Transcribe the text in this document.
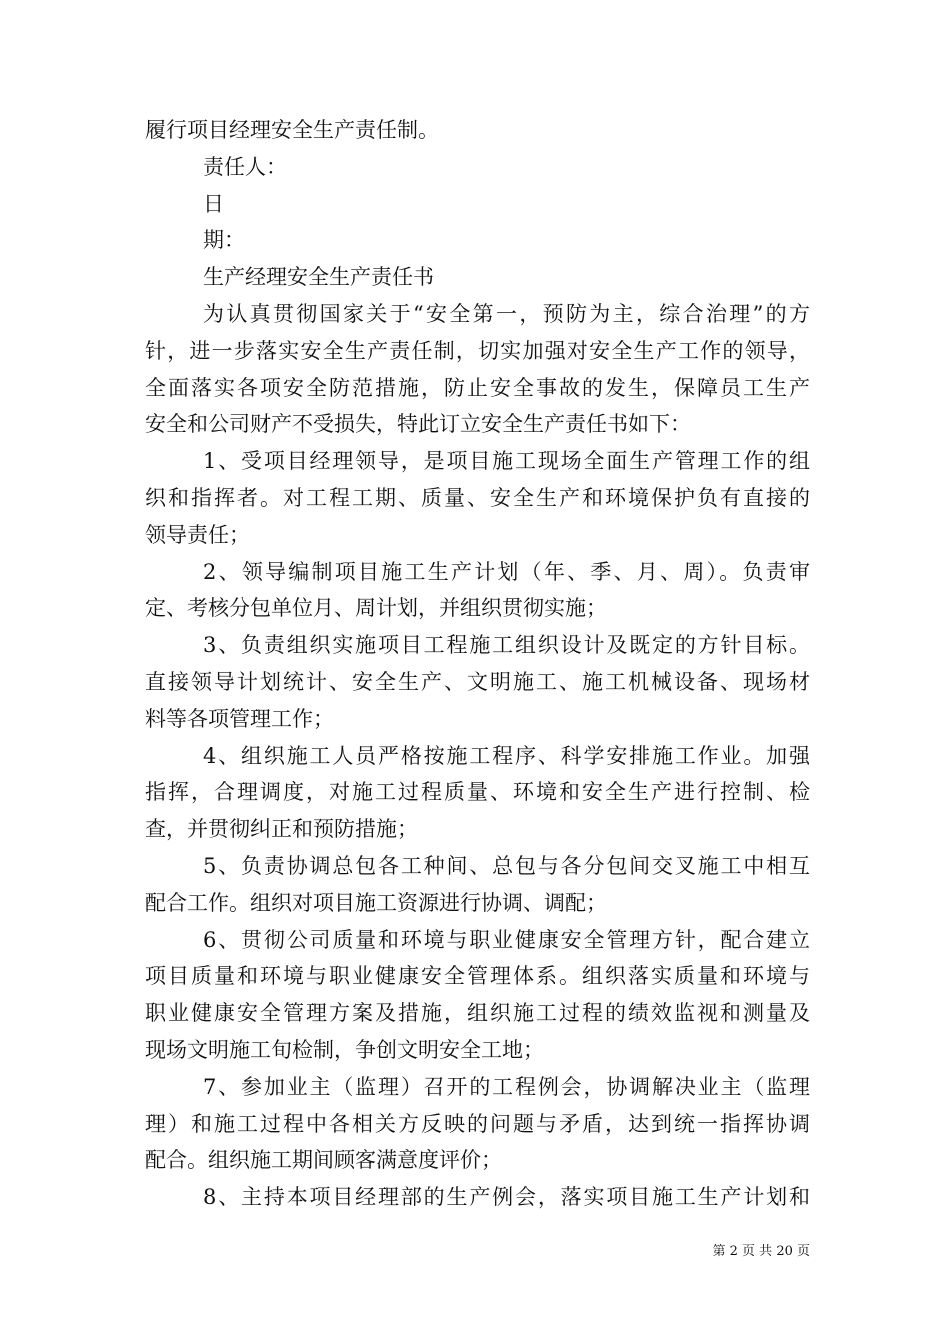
履行项目经理安全生产责任制。
责任人：
日
期：
生产经理安全生产责任书
为认真贯彻国家关于“安全第一，预防为主，综合治理”的方
针，进一步落实安全生产责任制，切实加强对安全生产工作的领导，
全面落实各项安全防范措施，防止安全事故的发生，保障员工生产
安全和公司财产不受损失，特此订立安全生产责任书如下：
1、受项目经理领导，是项目施工现场全面生产管理工作的组
织和指挥者。对工程工期、质量、安全生产和环境保护负有直接的
领导责任；
2、领导编制项目施工生产计划（年、季、月、周）。负责审
定、考核分包单位月、周计划，并组织贯彻实施；
3、负责组织实施项目工程施工组织设计及既定的方针目标。
直接领导计划统计、安全生产、文明施工、施工机械设备、现场材
料等各项管理工作；
4、组织施工人员严格按施工程序、科学安排施工作业。加强
指挥，合理调度，对施工过程质量、环境和安全生产进行控制、检
查，并贯彻纠正和预防措施；
5、负责协调总包各工种间、总包与各分包间交叉施工中相互
配合工作。组织对项目施工资源进行协调、调配；
6、贯彻公司质量和环境与职业健康安全管理方针，配合建立
项目质量和环境与职业健康安全管理体系。组织落实质量和环境与
职业健康安全管理方案及措施，组织施工过程的绩效监视和测量及
现场文明施工旬检制，争创文明安全工地；
7、参加业主（监理）召开的工程例会，协调解决业主（监理
理）和施工过程中各相关方反映的问题与矛盾，达到统一指挥协调
配合。组织施工期间顾客满意度评价；
8、主持本项目经理部的生产例会，落实项目施工生产计划和
第 2 页 共 20 页
